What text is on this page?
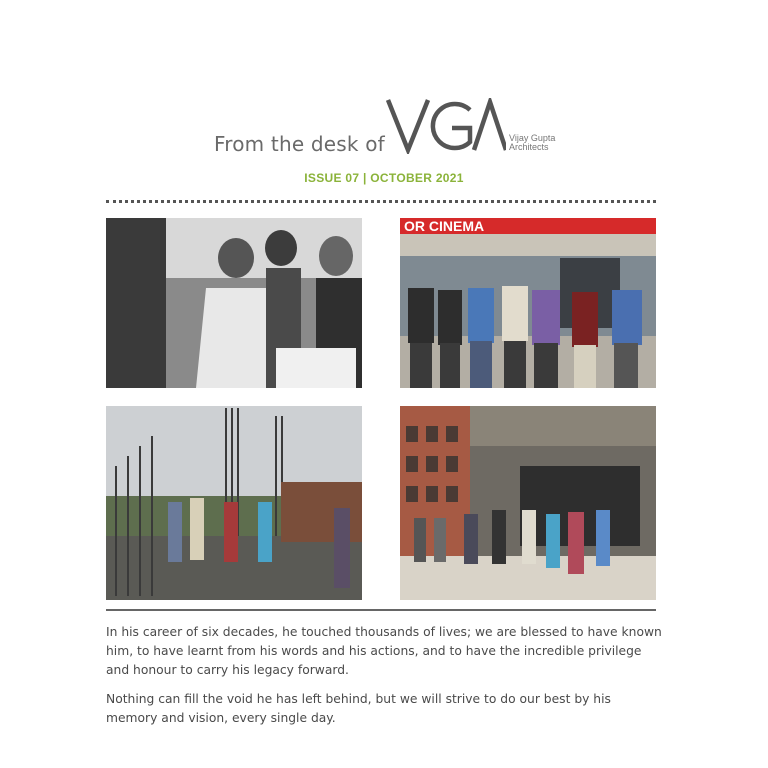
From the desk of	Vijay Gupta
Architects
ISSUE 07 | OCTOBER 2021
OR CINEMA

In his career of six decades, he touched thousands of lives; we are blessed to have known him, to have learnt from his words and his actions, and to have the incredible privilege and honour to carry his legacy forward.

Nothing can fill the void he has left behind, but we will strive to do our best by his memory and vision, every single day.
